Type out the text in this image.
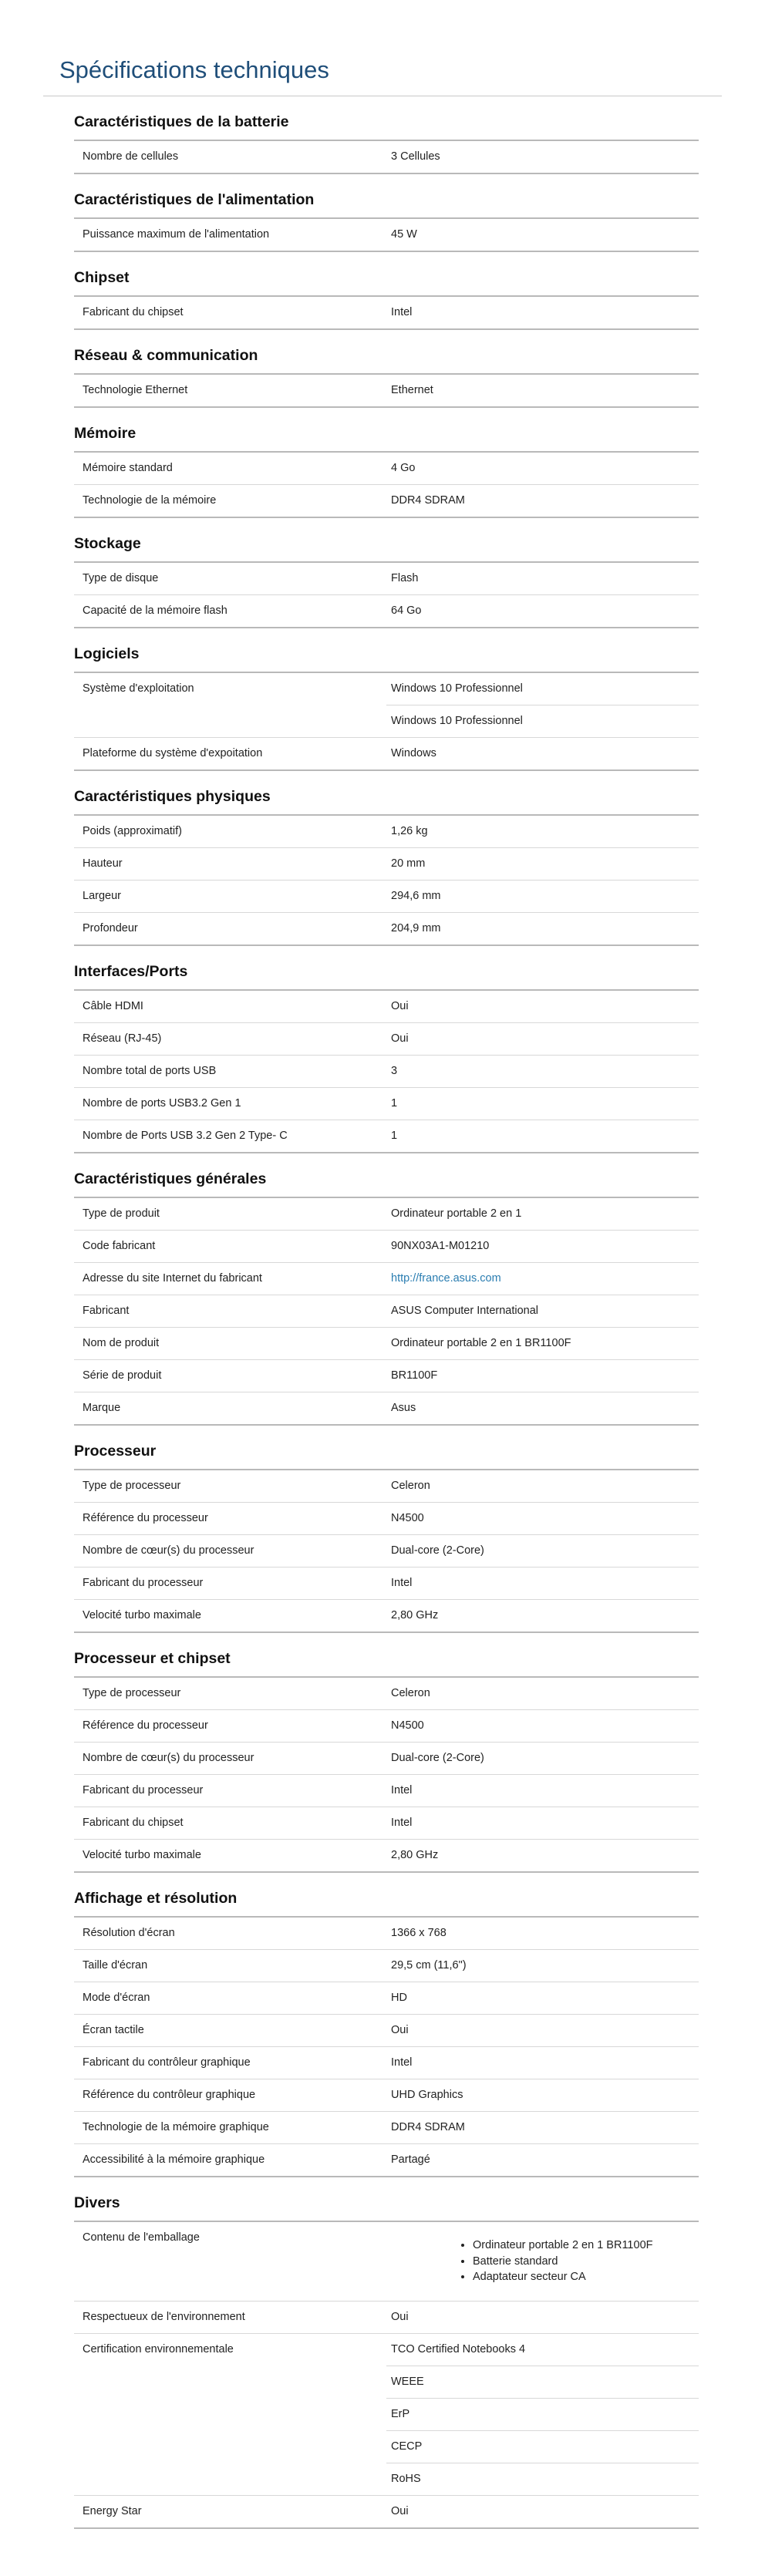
Spécifications techniques
Caractéristiques de la batterie
Nombre de cellules	3 Cellules
Caractéristiques de l'alimentation
Puissance maximum de l'alimentation	45 W
Chipset
Fabricant du chipset	Intel
Réseau & communication
Technologie Ethernet	Ethernet
Mémoire
Mémoire standard	4 Go
Technologie de la mémoire	DDR4 SDRAM
Stockage
Type de disque	Flash
Capacité de la mémoire flash	64 Go
Logiciels
Système d'exploitation	Windows 10 Professionnel
Windows 10 Professionnel
Plateforme du système d'expoitation	Windows
Caractéristiques physiques
Poids (approximatif)	1,26 kg
Hauteur	20 mm
Largeur	294,6 mm
Profondeur	204,9 mm
Interfaces/Ports
Câble HDMI	Oui
Réseau (RJ-45)	Oui
Nombre total de ports USB	3
Nombre de ports USB3.2 Gen 1	1
Nombre de Ports USB 3.2 Gen 2 Type- C	1
Caractéristiques générales
Type de produit	Ordinateur portable 2 en 1
Code fabricant	90NX03A1-M01210
Adresse du site Internet du fabricant	http://france.asus.com
Fabricant	ASUS Computer International
Nom de produit	Ordinateur portable 2 en 1 BR1100F
Série de produit	BR1100F
Marque	Asus
Processeur
Type de processeur	Celeron
Référence du processeur	N4500
Nombre de cœur(s) du processeur	Dual-core (2-Core)
Fabricant du processeur	Intel
Velocité turbo maximale	2,80 GHz
Processeur et chipset
Type de processeur	Celeron
Référence du processeur	N4500
Nombre de cœur(s) du processeur	Dual-core (2-Core)
Fabricant du processeur	Intel
Fabricant du chipset	Intel
Velocité turbo maximale	2,80 GHz
Affichage et résolution
Résolution d'écran	1366 x 768
Taille d'écran	29,5 cm (11,6")
Mode d'écran	HD
Écran tactile	Oui
Fabricant du contrôleur graphique	Intel
Référence du contrôleur graphique	UHD Graphics
Technologie de la mémoire graphique	DDR4 SDRAM
Accessibilité à la mémoire graphique	Partagé
Divers
Contenu de l'emballage
• Ordinateur portable 2 en 1 BR1100F
• Batterie standard
• Adaptateur secteur CA
Respectueux de l'environnement	Oui
Certification environnementale	TCO Certified Notebooks 4
WEEE
ErP
CECP
RoHS
Energy Star	Oui
